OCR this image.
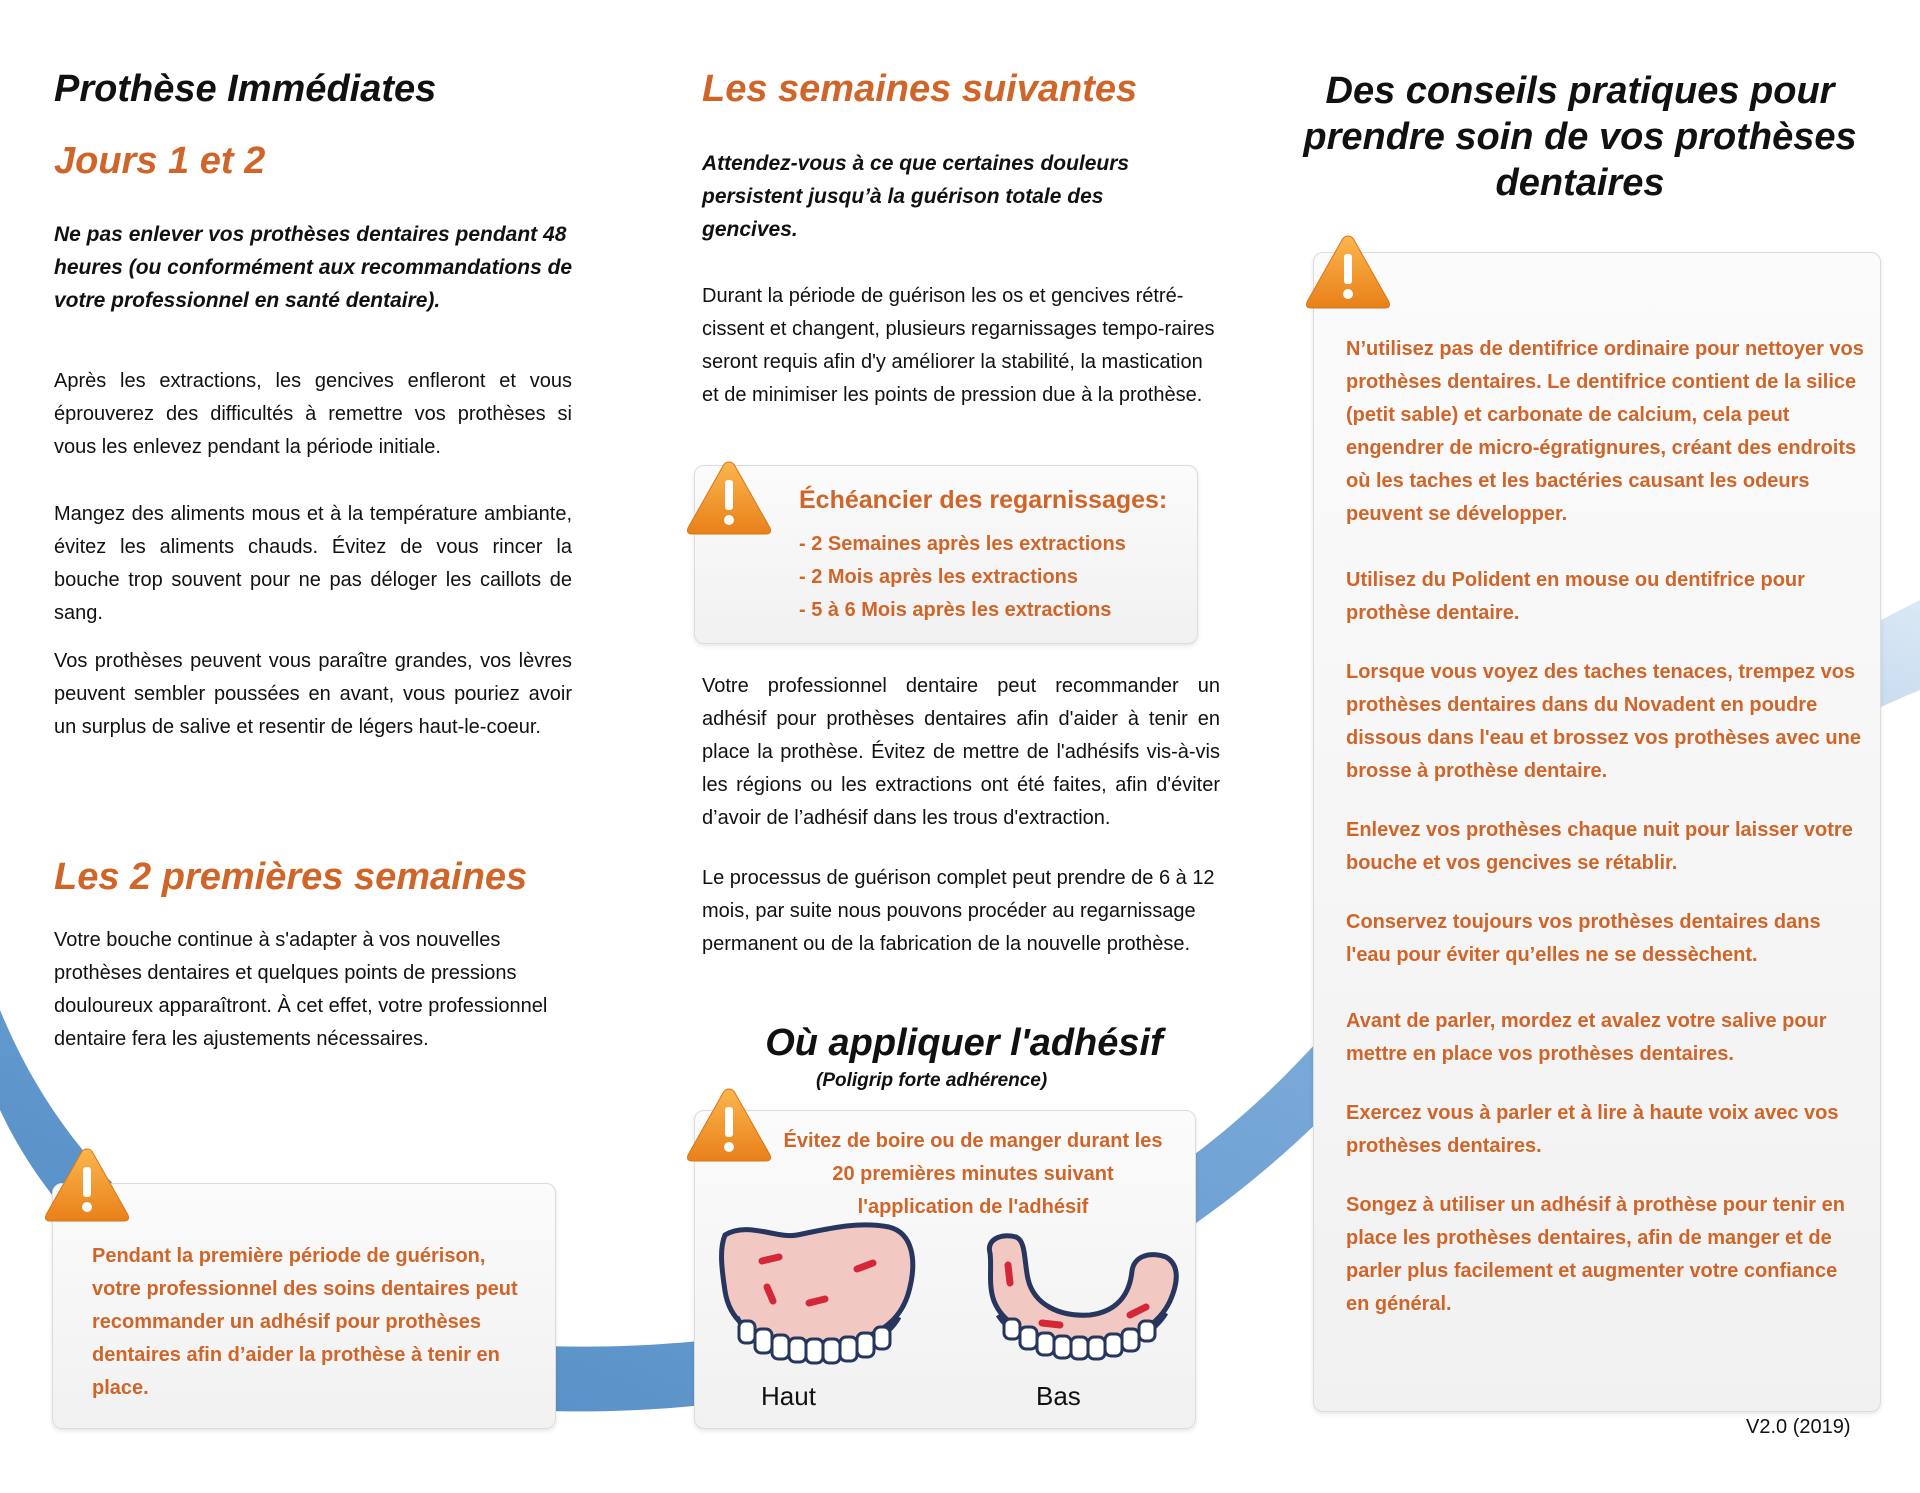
Prothèse Immédiates
Jours 1 et 2

Ne pas enlever vos prothèses dentaires pendant 48 heures (ou conformément aux recommandations de votre professionnel en santé dentaire).

Après les extractions, les gencives enfleront et vous éprouverez des difficultés à remettre vos prothèses si vous les enlevez pendant la période initiale.

Mangez des aliments mous et à la température ambiante, évitez les aliments chauds. Évitez de vous rincer la bouche trop souvent pour ne pas déloger les caillots de sang.

Vos prothèses peuvent vous paraître grandes, vos lèvres peuvent sembler poussées en avant, vous pouriez avoir un surplus de salive et resentir de légers haut-le-coeur.

Les 2 premières semaines

Votre bouche continue à s'adapter à vos nouvelles prothèses dentaires et quelques points de pressions douloureux apparaîtront. À cet effet, votre professionnel dentaire fera les ajustements nécessaires.

Pendant la première période de guérison, votre professionnel des soins dentaires peut recommander un adhésif pour prothèses dentaires afin d’aider la prothèse à tenir en place.

Les semaines suivantes

Attendez-vous à ce que certaines douleurs persistent jusqu’à la guérison totale des gencives.

Durant la période de guérison les os et gencives rétré-cissent et changent, plusieurs regarnissages tempo-raires seront requis afin d'y améliorer la stabilité, la mastication et de minimiser les points de pression due à la prothèse.

Échéancier des regarnissages:

- 2 Semaines après les extractions

- 2 Mois après les extractions

- 5 à 6 Mois après les extractions

Votre professionnel dentaire peut recommander un adhésif pour prothèses dentaires afin d'aider à tenir en place la prothèse. Évitez de mettre de l'adhésifs vis-à-vis les régions ou les extractions ont été faites, afin d'éviter d’avoir de l’adhésif dans les trous d'extraction.

Le processus de guérison complet peut prendre de 6 à 12 mois, par suite nous pouvons procéder au regarnissage permanent ou de la fabrication de la nouvelle prothèse.

Où appliquer l'adhésif
(Poligrip forte adhérence)

Évitez de boire ou de manger durant les 20 premières minutes suivant l'application de l'adhésif

Haut	Bas

Des conseils pratiques pour prendre soin de vos prothèses dentaires

N’utilisez pas de dentifrice ordinaire pour nettoyer vos prothèses dentaires. Le dentifrice contient de la silice (petit sable) et carbonate de calcium, cela peut engendrer de micro-égratignures, créant des endroits où les taches et les bactéries causant les odeurs peuvent se développer.

Utilisez du Polident en mouse ou dentifrice pour prothèse dentaire.

Lorsque vous voyez des taches tenaces, trempez vos prothèses dentaires dans du Novadent en poudre dissous dans l'eau et brossez vos prothèses avec une brosse à prothèse dentaire.

Enlevez vos prothèses chaque nuit pour laisser votre bouche et vos gencives se rétablir.

Conservez toujours vos prothèses dentaires dans l'eau pour éviter qu’elles ne se dessèchent.

Avant de parler, mordez et avalez votre salive pour mettre en place vos prothèses dentaires.

Exercez vous à parler et à lire à haute voix avec vos prothèses dentaires.

Songez à utiliser un adhésif à prothèse pour tenir en place les prothèses dentaires, afin de manger et de parler plus facilement et augmenter votre confiance en général.

V2.0 (2019)
